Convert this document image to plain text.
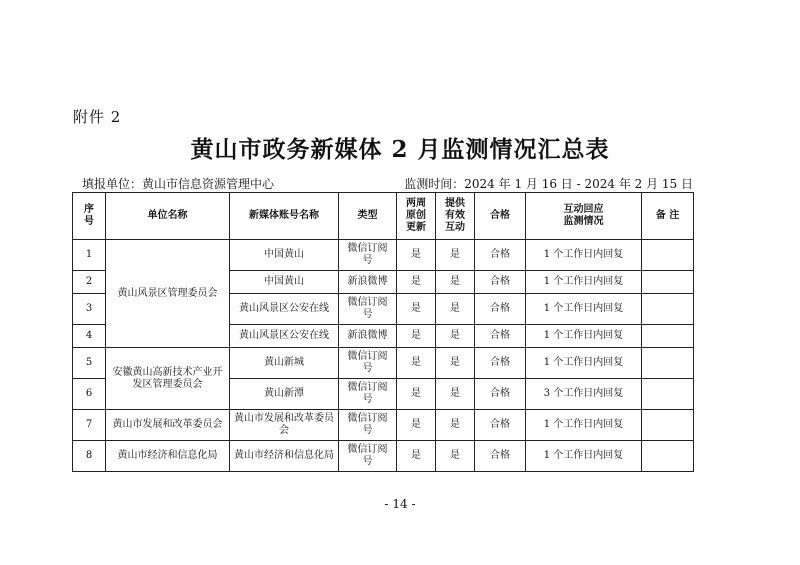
附件 2
黄山市政务新媒体 2 月监测情况汇总表
填报单位：黄山市信息资源管理中心	监测时间：2024 年 1 月 16 日 - 2024 年 2 月 15 日
序
号	单位名称	新媒体账号名称	类型	两周
原创
更新	提供
有效
互动	合格	互动回应
监测情况	备 注
1	黄山风景区管理委员会	中国黄山	微信订阅
号	是	是	合格	1 个工作日内回复	
2		中国黄山	新浪微博	是	是	合格	1 个工作日内回复	
3		黄山风景区公安在线	微信订阅
号	是	是	合格	1 个工作日内回复	
4		黄山风景区公安在线	新浪微博	是	是	合格	1 个工作日内回复	
5	安徽黄山高新技术产业开
发区管理委员会	黄山新城	微信订阅
号	是	是	合格	1 个工作日内回复	
6		黄山新潭	微信订阅
号	是	是	合格	3 个工作日内回复	
7	黄山市发展和改革委员会	黄山市发展和改革委员
会	微信订阅
号	是	是	合格	1 个工作日内回复	
8	黄山市经济和信息化局	黄山市经济和信息化局	微信订阅
号	是	是	合格	1 个工作日内回复	
- 14 -
